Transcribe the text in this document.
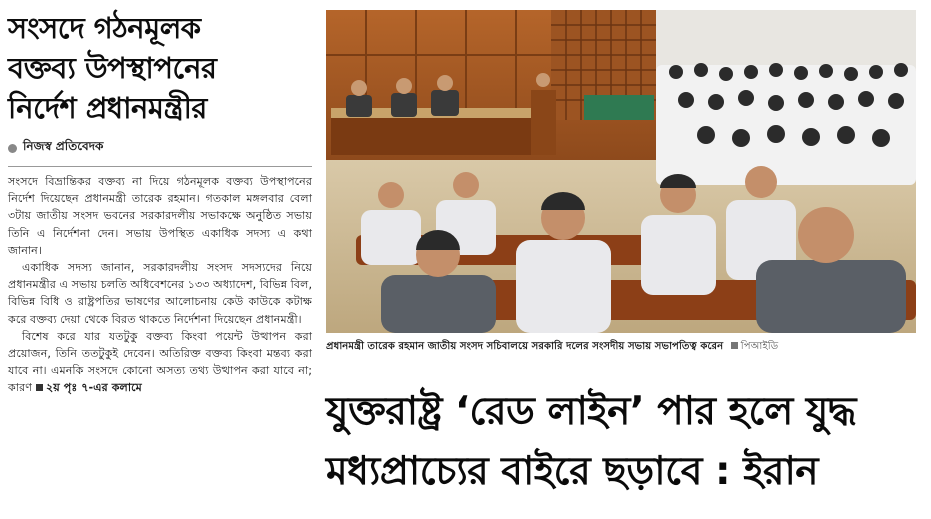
সংসদে গঠনমূলক
বক্তব্য উপস্থাপনের
নির্দেশ প্রধানমন্ত্রীর
নিজস্ব প্রতিবেদক

সংসদে বিভ্রান্তিকর বক্তব্য না দিয়ে গঠনমূলক বক্তব্য উপস্থাপনের নির্দেশ দিয়েছেন প্রধানমন্ত্রী তারেক রহমান। গতকাল মঙ্গলবার বেলা ৩টায় জাতীয় সংসদ ভবনের সরকারদলীয় সভাকক্ষে অনুষ্ঠিত সভায় তিনি এ নির্দেশনা দেন। সভায় উপস্থিত একাধিক সদস্য এ কথা জানান।

একাধিক সদস্য জানান, সরকারদলীয় সংসদ সদস্যদের নিয়ে প্রধানমন্ত্রীর এ সভায় চলতি অধিবেশনের ১৩৩ অধ্যাদেশ, বিভিন্ন বিল, বিভিন্ন বিধি ও রাষ্ট্রপতির ভাষণের আলোচনায় কেউ কাউকে কটাক্ষ করে বক্তব্য দেয়া থেকে বিরত থাকতে নির্দেশনা দিয়েছেন প্রধানমন্ত্রী।

বিশেষ করে যার যতটুকু বক্তব্য কিংবা পয়েন্ট উত্থাপন করা প্রয়োজন, তিনি ততটুকুই দেবেন। অতিরিক্ত বক্তব্য কিংবা মন্তব্য করা যাবে না। এমনকি সংসদে কোনো অসত্য তথ্য উত্থাপন করা যাবে না; কারণ ২য় পৃঃ ৭-এর কলামে

প্রধানমন্ত্রী তারেক রহমান জাতীয় সংসদ সচিবালয়ে সরকারি দলের সংসদীয় সভায় সভাপতিত্ব করেন পিআইডি
যুক্তরাষ্ট্র ‘রেড লাইন’ পার হলে যুদ্ধ
মধ্যপ্রাচ্যের বাইরে ছড়াবে : ইরান
